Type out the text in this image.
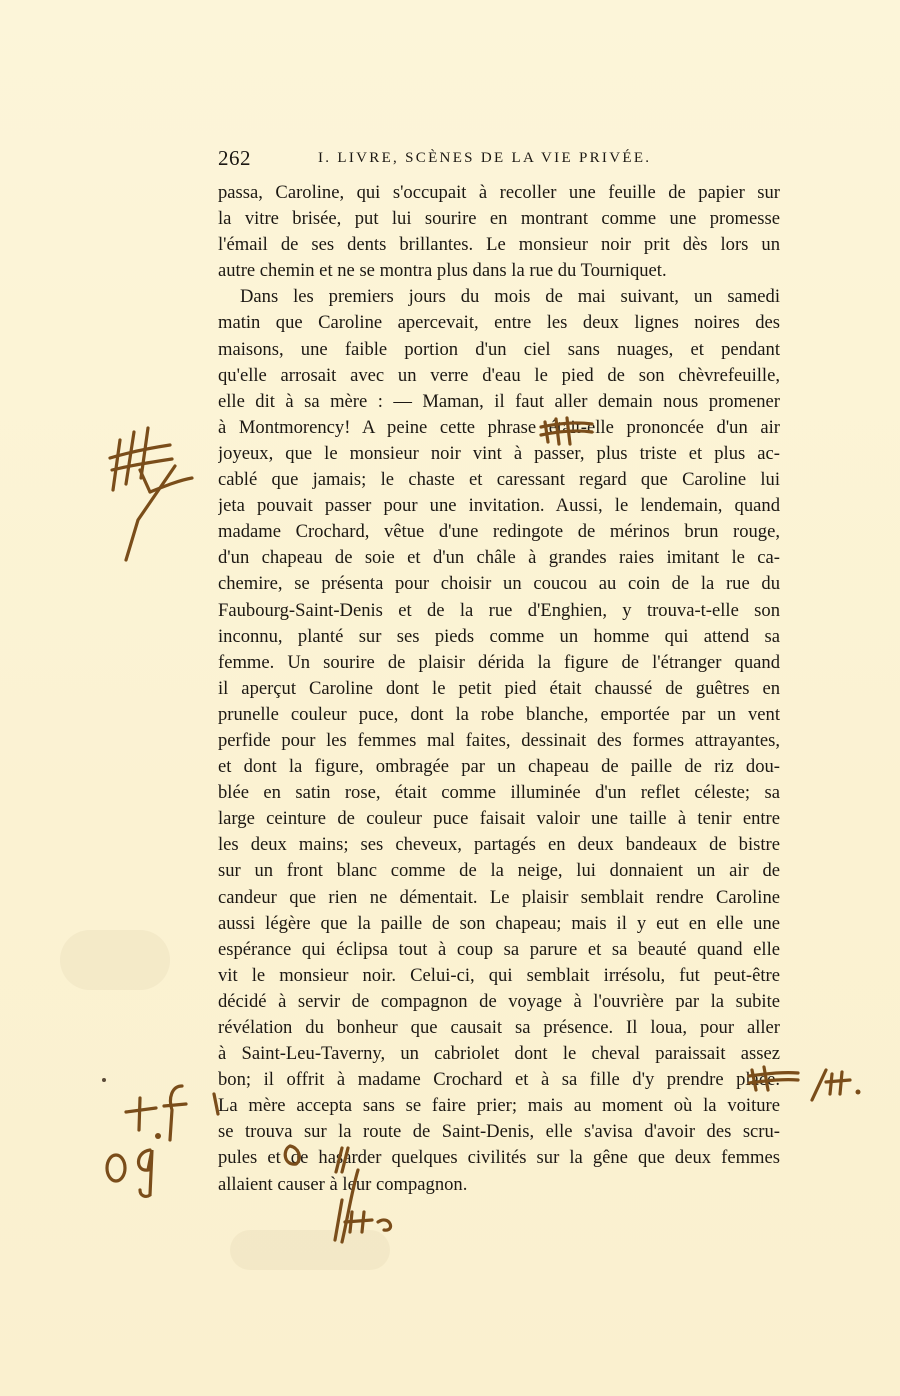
262	I. LIVRE, SCÈNES DE LA VIE PRIVÉE.
passa, Caroline, qui s'occupait à recoller une feuille de papier sur
la vitre brisée, put lui sourire en montrant comme une promesse
l'émail de ses dents brillantes. Le monsieur noir prit dès lors un
autre chemin et ne se montra plus dans la rue du Tourniquet.
Dans les premiers jours du mois de mai suivant, un samedi
matin que Caroline apercevait, entre les deux lignes noires des
maisons, une faible portion d'un ciel sans nuages, et pendant
qu'elle arrosait avec un verre d'eau le pied de son chèvrefeuille,
elle dit à sa mère : — Maman, il faut aller demain nous promener
à Montmorency! A peine cette phrase était-elle prononcée d'un air
joyeux, que le monsieur noir vint à passer, plus triste et plus ac-
cablé que jamais; le chaste et caressant regard que Caroline lui
jeta pouvait passer pour une invitation. Aussi, le lendemain, quand
madame Crochard, vêtue d'une redingote de mérinos brun rouge,
d'un chapeau de soie et d'un châle à grandes raies imitant le ca-
chemire, se présenta pour choisir un coucou au coin de la rue du
Faubourg-Saint-Denis et de la rue d'Enghien, y trouva-t-elle son
inconnu, planté sur ses pieds comme un homme qui attend sa
femme. Un sourire de plaisir dérida la figure de l'étranger quand
il aperçut Caroline dont le petit pied était chaussé de guêtres en
prunelle couleur puce, dont la robe blanche, emportée par un vent
perfide pour les femmes mal faites, dessinait des formes attrayantes,
et dont la figure, ombragée par un chapeau de paille de riz dou-
blée en satin rose, était comme illuminée d'un reflet céleste; sa
large ceinture de couleur puce faisait valoir une taille à tenir entre
les deux mains; ses cheveux, partagés en deux bandeaux de bistre
sur un front blanc comme de la neige, lui donnaient un air de
candeur que rien ne démentait. Le plaisir semblait rendre Caroline
aussi légère que la paille de son chapeau; mais il y eut en elle une
espérance qui éclipsa tout à coup sa parure et sa beauté quand elle
vit le monsieur noir. Celui-ci, qui semblait irrésolu, fut peut-être
décidé à servir de compagnon de voyage à l'ouvrière par la subite
révélation du bonheur que causait sa présence. Il loua, pour aller
à Saint-Leu-Taverny, un cabriolet dont le cheval paraissait assez
bon; il offrit à madame Crochard et à sa fille d'y prendre place.
La mère accepta sans se faire prier; mais au moment où la voiture
se trouva sur la route de Saint-Denis, elle s'avisa d'avoir des scru-
pules et de hasarder quelques civilités sur la gêne que deux femmes
allaient causer à leur compagnon.
